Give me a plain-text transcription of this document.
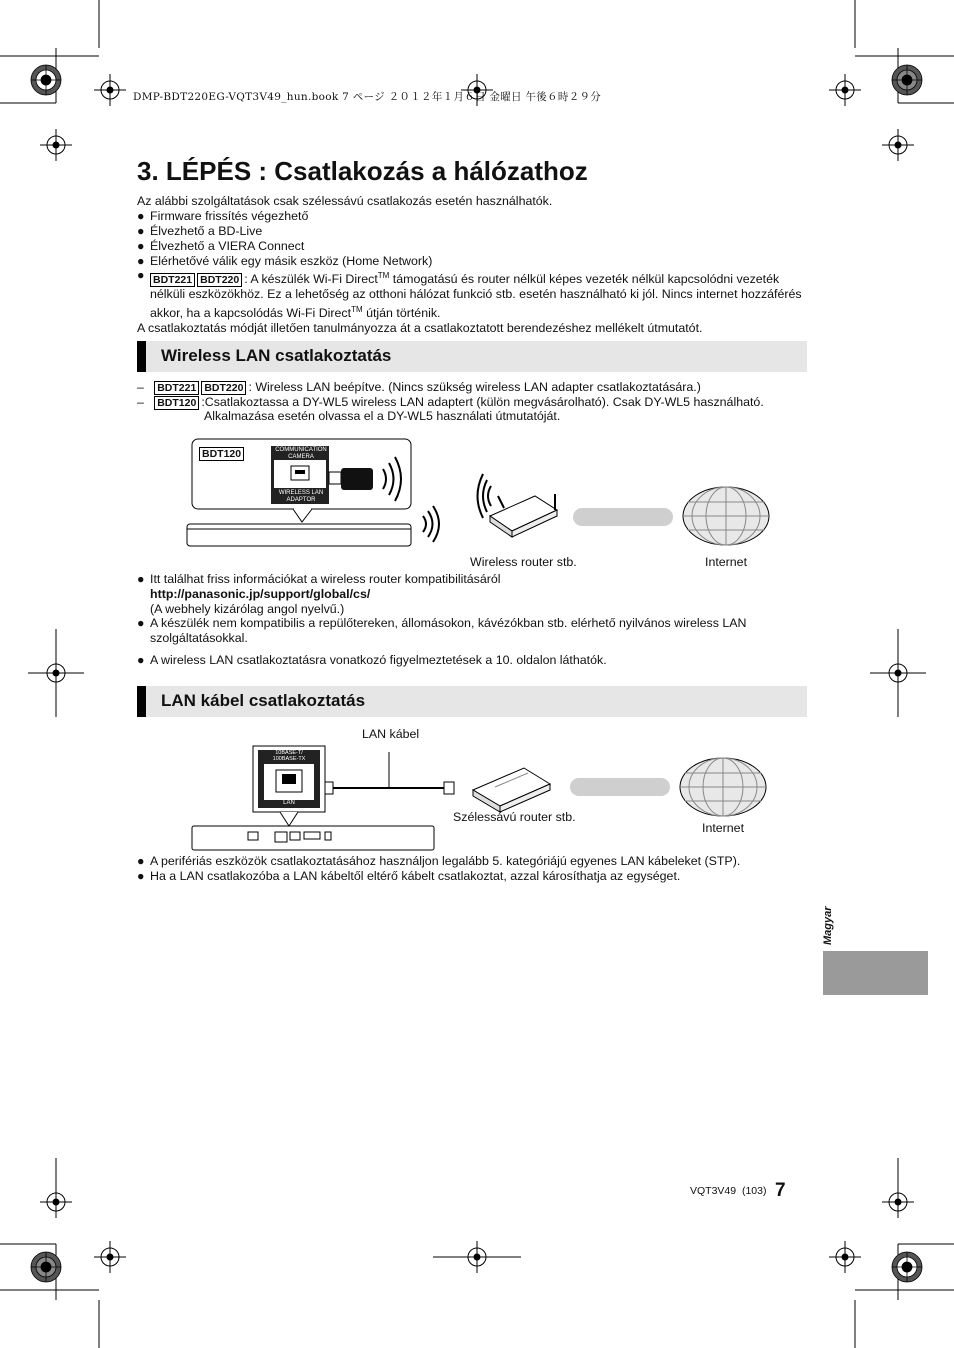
DMP-BDT220EG-VQT3V49_hun.book 7 ページ ２０１２年１月６日 金曜日 午後６時２９分
3. LÉPÉS : Csatlakozás a hálózathoz
Az alábbi szolgáltatások csak szélessávú csatlakozás esetén használhatók.
● Firmware frissítés végezhető
● Élvezhető a BD-Live
● Élvezhető a VIERA Connect
● Elérhetővé válik egy másik eszköz (Home Network)
● BDT221 BDT220 : A készülék Wi-Fi Direct™ támogatású és router nélkül képes vezeték nélkül kapcsolódni vezeték nélküli eszközökhöz. Ez a lehetőség az otthoni hálózat funkció stb. esetén használható ki jól. Nincs internet hozzáférés akkor, ha a kapcsolódás Wi-Fi Direct™ útján történik.
A csatlakoztatás módját illetően tanulmányozza át a csatlakoztatott berendezéshez mellékelt útmutatót.
Wireless LAN csatlakoztatás
–   BDT221 BDT220 : Wireless LAN beépítve. (Nincs szükség wireless LAN adapter csatlakoztatására.)
–   BDT120 :Csatlakoztassa a DY-WL5 wireless LAN adaptert (külön megvásárolható). Csak DY-WL5 használható.
Alkalmazása esetén olvassa el a DY-WL5 használati útmutatóját.
BDT120	COMMUNICATION
CAMERA
WIRELESS LAN
ADAPTOR
Wireless router stb.	Internet
● Itt találhat friss információkat a wireless router kompatibilitásáról
http://panasonic.jp/support/global/cs/
(A webhely kizárólag angol nyelvű.)
● A készülék nem kompatibilis a repülőtereken, állomásokon, kávézókban stb. elérhető nyilvános wireless LAN szolgáltatásokkal.
● A wireless LAN csatlakoztatásra vonatkozó figyelmeztetések a 10. oldalon láthatók.
LAN kábel csatlakoztatás
LAN kábel
10BASE-T/
100BASE-TX
LAN
Szélessávú router stb.
Internet
● A perifériás eszközök csatlakoztatásához használjon legalább 5. kategóriájú egyenes LAN kábeleket (STP).
● Ha a LAN csatlakozóba a LAN kábeltől eltérő kábelt csatlakoztat, azzal károsíthatja az egységet.
Magyar
VQT3V49 (103) 7
